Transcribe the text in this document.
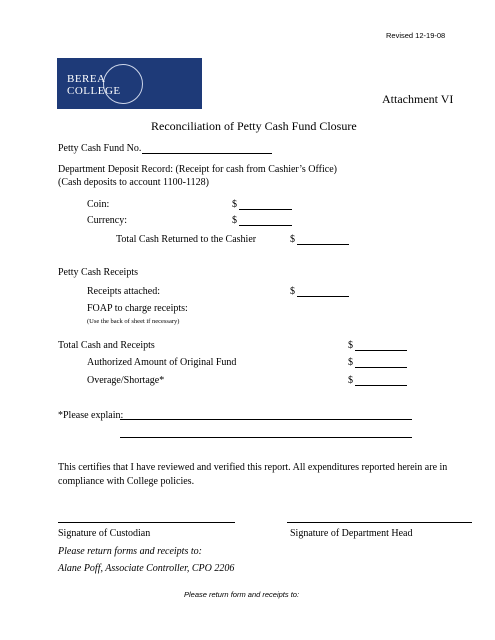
Revised 12-19-08
BEREA
COLLEGE
Attachment VI
Reconciliation of Petty Cash Fund Closure
Petty Cash Fund No.
Department Deposit Record: (Receipt for cash from Cashier’s Office)
(Cash deposits to account 1100-1128)
Coin:	$
Currency:	$
Total Cash Returned to the Cashier	$
Petty Cash Receipts
Receipts attached:	$
FOAP to charge receipts:
(Use the back of sheet if necessary)
Total Cash and Receipts	$
Authorized Amount of Original Fund	$
Overage/Shortage*	$
*Please explain:
This certifies that I have reviewed and verified this report. All expenditures reported herein are in
compliance with College policies.
Signature of Custodian	Signature of Department Head
Please return forms and receipts to:
Alane Poff, Associate Controller, CPO 2206
Please return form and receipts to:
